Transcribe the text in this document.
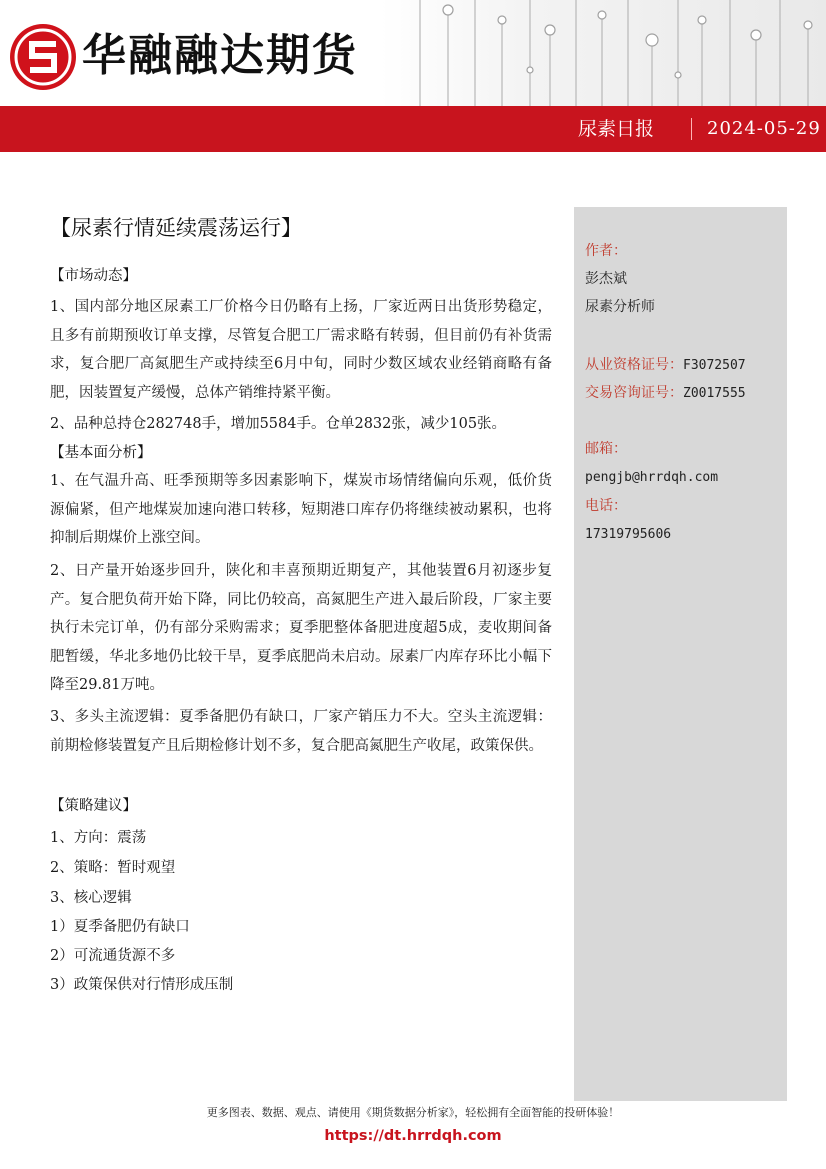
华融融达期货
尿素日报	2024-05-29
作者：
彭杰斌
尿素分析师
从业资格证号：F3072507
交易咨询证号：Z0017555
邮箱：
pengjb@hrrdqh.com
电话：
17319795606
【尿素行情延续震荡运行】
【市场动态】
1、国内部分地区尿素工厂价格今日仍略有上扬，厂家近两日出货形势稳定，且多有前期预收订单支撑，尽管复合肥工厂需求略有转弱，但目前仍有补货需求，复合肥厂高氮肥生产或持续至6月中旬，同时少数区域农业经销商略有备肥，因装置复产缓慢，总体产销维持紧平衡。
2、品种总持仓282748手，增加5584手。仓单2832张，减少105张。
【基本面分析】
1、在气温升高、旺季预期等多因素影响下，煤炭市场情绪偏向乐观，低价货源偏紧，但产地煤炭加速向港口转移，短期港口库存仍将继续被动累积，也将抑制后期煤价上涨空间。
2、日产量开始逐步回升，陕化和丰喜预期近期复产，其他装置6月初逐步复产。复合肥负荷开始下降，同比仍较高，高氮肥生产进入最后阶段，厂家主要执行未完订单，仍有部分采购需求；夏季肥整体备肥进度超5成，麦收期间备肥暂缓，华北多地仍比较干旱，夏季底肥尚未启动。尿素厂内库存环比小幅下降至29.81万吨。
3、多头主流逻辑：夏季备肥仍有缺口，厂家产销压力不大。空头主流逻辑：前期检修装置复产且后期检修计划不多，复合肥高氮肥生产收尾，政策保供。
【策略建议】
1、方向：震荡
2、策略：暂时观望
3、核心逻辑
1）夏季备肥仍有缺口
2）可流通货源不多
3）政策保供对行情形成压制
更多图表、数据、观点、请使用《期货数据分析家》，轻松拥有全面智能的投研体验！
https://dt.hrrdqh.com
